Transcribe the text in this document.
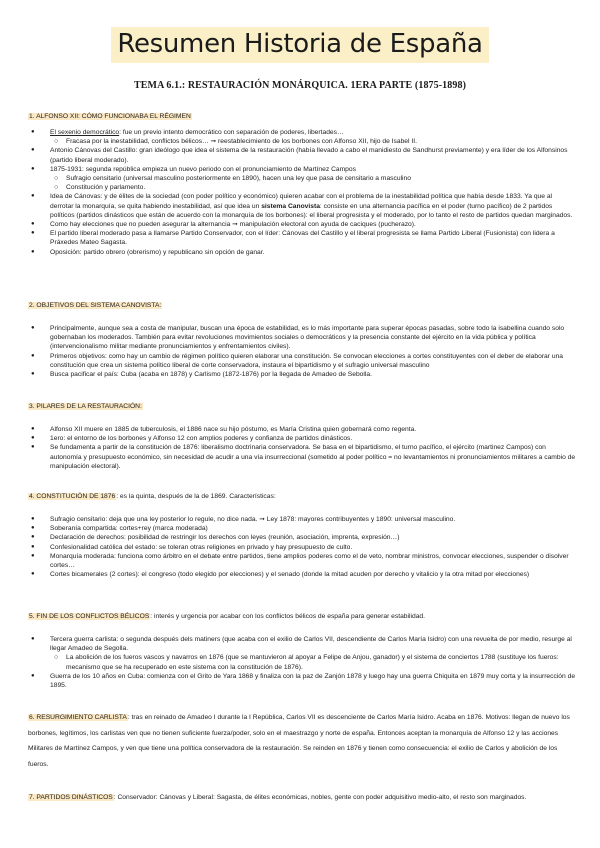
Resumen Historia de España
TEMA 6.1.: RESTAURACIÓN MONÁRQUICA. 1ERA PARTE (1875-1898)
1. ALFONSO XII: CÓMO FUNCIONABA EL RÉGIMEN
● El sexenio democrático: fue un previo intento democrático con separación de poderes, libertades…
○ Fracasa por la inestabilidad, conflictos bélicos… ➞ reestablecimiento de los borbones con Alfonso XII, hijo de Isabel II.
● Antonio Cánovas del Castillo: gran ideólogo que idea el sistema de la restauración (había llevado a cabo el manidiesto de Sandhurst previamente) y era líder de los Alfonsinos (partido liberal moderado).
● 1875-1931: segunda república empieza un nuevo periodo con el pronunciamiento de Martínez Campos
○ Sufragio censitario (universal masculino posteriormente en 1890), hacen una ley que pasa de censitario a masculino
○ Constitución y parlamento.
● Idea de Cánovas: y de élites de la sociedad (con poder político y económico) quieren acabar con el problema de la inestabilidad política que había desde 1833. Ya que al derrotar la monarquía, se quita habiendo inestabilidad, así que idea un sistema Canovista: consiste en una alternancia pacífica en el poder (turno pacífico) de 2 partidos políticos (partidos dinásticos que están de acuerdo con la monarquía de los borbones): el liberal progresista y el moderado, por lo tanto el resto de partidos quedan marginados.
● Como hay elecciones que no pueden asegurar la alternancia ➞ manipulación electoral con ayuda de caciques (pucherazo).
● El partido liberal moderado pasa a llamarse Partido Conservador, con el líder: Cánovas del Castillo y el liberal progresista se llama Partido Liberal (Fusionista) con lidera a Práxedes Mateo Sagasta.
● Oposición: partido obrero (obrerismo) y republicano sin opción de ganar.
2. OBJETIVOS DEL SISTEMA CANOVISTA:
● Principalmente, aunque sea a costa de manipular, buscan una época de estabilidad, es lo más importante para superar épocas pasadas, sobre todo la isabellina cuando solo gobernaban los moderados. También para evitar revoluciones movimientos sociales o democráticos y la presencia constante del ejército en la vida pública y política (intervencionalismo militar mediante pronunciamientos y enfrentamientos civiles).
● Primeros objetivos: como hay un cambio de régimen político quieren elaborar una constitución. Se convocan elecciones a cortes constituyentes con el deber de elaborar una constitución que crea un sistema político liberal de corte conservadora, instaura el bipartidismo y el sufragio universal masculino
● Busca pacificar el país: Cuba (acaba en 1878) y Carlismo (1872-1876) por la llegada de Amadeo de Sebolla.
3. PILARES DE LA RESTAURACIÓN:
● Alfonso XII muere en 1885 de tuberculosis, el 1886 nace su hijo póstumo, es María Cristina quien gobernará como regenta.
● 1ero: el entorno de los borbones y Alfonso 12 con amplios poderes y confianza de partidos dinásticos.
● Se fundamenta a partir de la constitución de 1876: liberalismo doctrinaria conservadora. Se basa en el bipartidismo, el turno pacífico, el ejército (martinez Campos) con autonomía y presupuesto económico, sin necesidad de acudir a una vía insurreccional (sometido al poder político = no levantamientos ni pronunciamientos militares a cambio de manipulación electoral).
4. CONSTITUCIÓN DE 1876: es la quinta, después de la de 1869. Características:
● Sufragio censitario: deja que una ley posterior lo regule, no dice nada. ➞ Ley 1878: mayores contribuyentes y 1890: universal masculino.
● Soberanía compartida: cortes+rey (marca moderada)
● Declaración de derechos: posibilidad de restringir los derechos con leyes (reunión, asociación, imprenta, expresión…)
● Confesionalidad católica del estado: se toleran otras religiones en privado y hay presupuesto de culto.
● Monarquía moderada: funciona como árbitro en el debate entre partidos, tiene amplios poderes como el de veto, nombrar ministros, convocar elecciones, suspender o disolver cortes…
● Cortes bicamerales (2 cortes): el congreso (todo elegido por elecciones) y el senado (donde la mitad acuden por derecho y vitalicio y la otra mitad por elecciones)
5. FIN DE LOS CONFLICTOS BÉLICOS: interés y urgencia por acabar con los conflictos bélicos de españa para generar estabilidad.
● Tercera guerra carlista: o segunda después dels matiners (que acaba con el exilio de Carlos VII, descendiente de Carlos María Isidro) con una revuelta de por medio, resurge al llegar Amadeo de Segolla.
○ La abolición de los fueros vascos y navarros en 1876 (que se mantuvieron al apoyar a Felipe de Anjou, ganador) y el sistema de conciertos 1788 (sustituye los fueros: mecanismo que se ha recuperado en este sistema con la constitución de 1876).
● Guerra de los 10 años en Cuba: comienza con el Grito de Yara 1868 y finaliza con la paz de Zanjón 1878 y luego hay una guerra Chiquita en 1879 muy corta y la insurrección de 1895.
6. RESURGIMIENTO CARLISTA: tras en reinado de Amadeo I durante la I República, Carlos VII es descenciente de Carlos María Isidro. Acaba en 1876. Motivos: llegan de nuevo los borbones, legítimos, los carlistas ven que no tienen suficiente fuerza/poder, solo en el maestrazgo y norte de españa. Entonces aceptan la monarquía de Alfonso 12 y las acciones Militares de Martínez Campos, y ven que tiene una política conservadora de la restauración. Se reinden en 1876 y tienen como consecuencia: el exilio de Carlos y abolición de los fueros.
7. PARTIDOS DINÁSTICOS: Conservador: Cánovas y Liberal: Sagasta, de élites económicas, nobles, gente con poder adquisitivo medio-alto, el resto son marginados.
